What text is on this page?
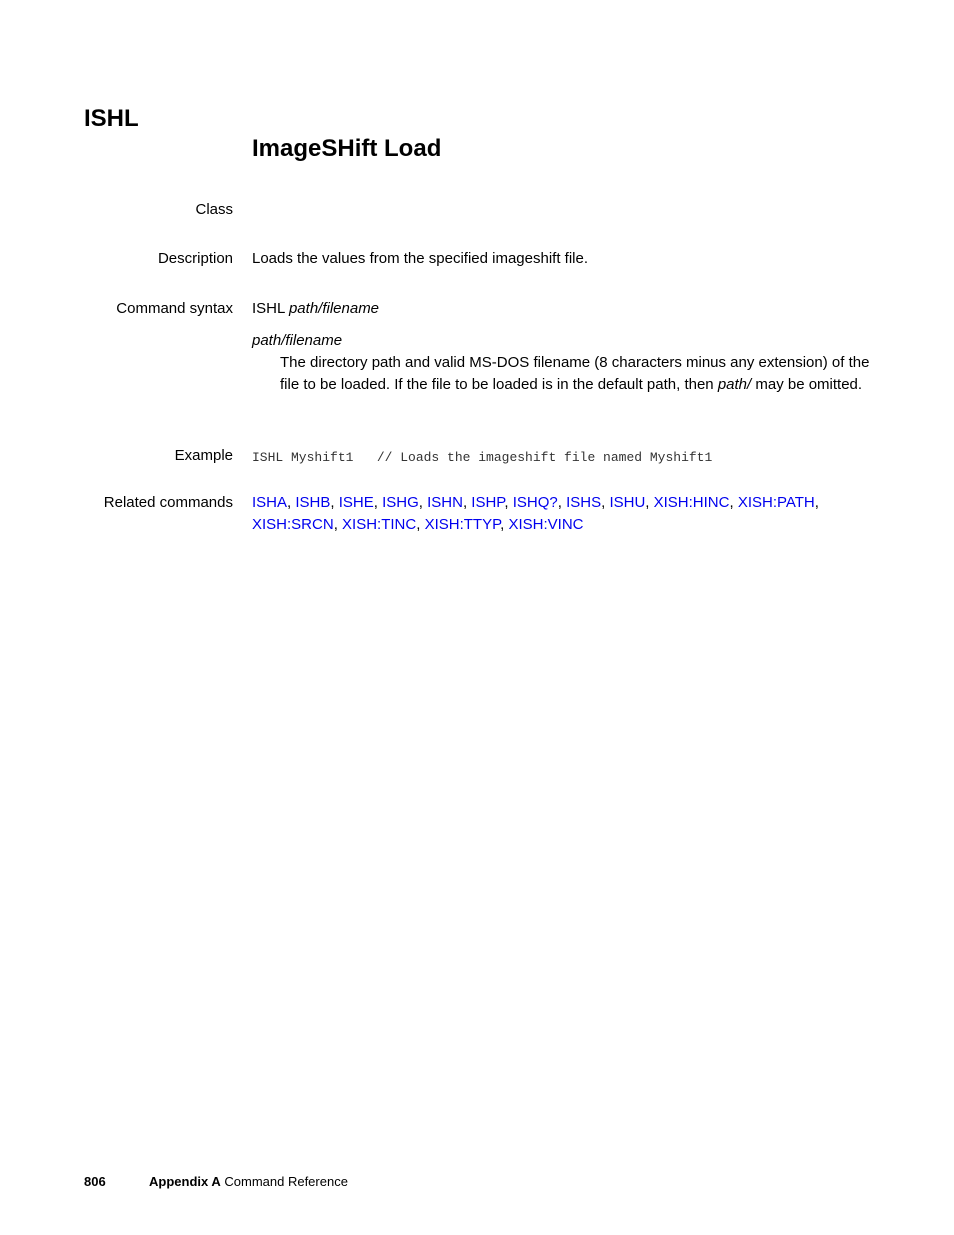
ISHL
ImageSHift Load
Class
Description Loads the values from the specified imageshift file.
Command syntax ISHL path/filename
path/filename
The directory path and valid MS-DOS filename (8 characters minus any extension) of the file to be loaded. If the file to be loaded is in the default path, then path/ may be omitted.
Example ISHL Myshift1   // Loads the imageshift file named Myshift1
Related commands ISHA, ISHB, ISHE, ISHG, ISHN, ISHP, ISHQ?, ISHS, ISHU, XISH:HINC, XISH:PATH, XISH:SRCN, XISH:TINC, XISH:TTYP, XISH:VINC
806	Appendix A Command Reference
